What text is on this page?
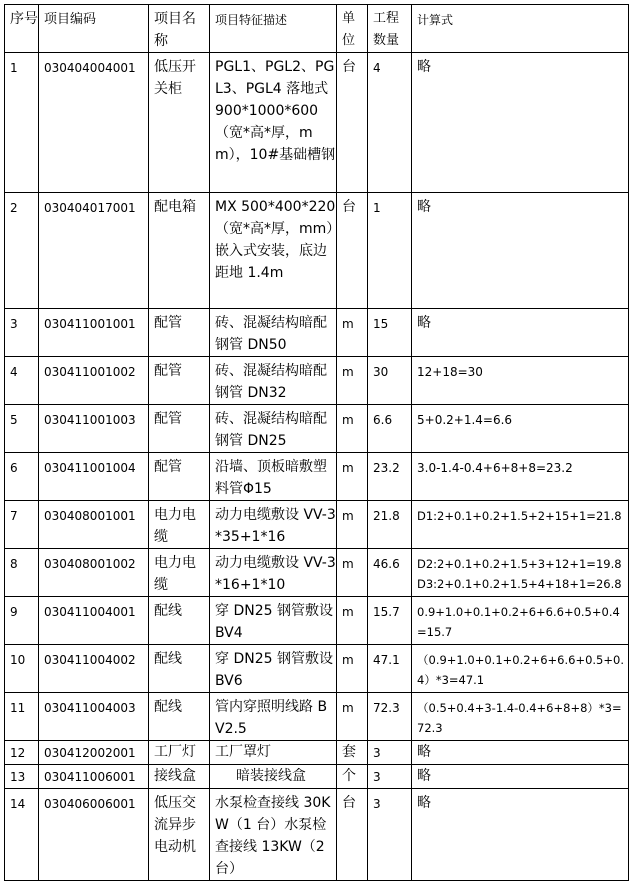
序号	项目编码	项目名称	项目特征描述	单位	工程数量	计算式
1	030404004001	低压开关柜	PGL1、PGL2、PGL3、PGL4 落地式 900*1000*600（宽*高*厚，mm），10#基础槽钢	台	4	略
2	030404017001	配电箱	MX 500*400*220（宽*高*厚，mm）嵌入式安装，底边距地 1.4m	台	1	略
3	030411001001	配管	砖、混凝结构暗配钢管 DN50	m	15	略
4	030411001002	配管	砖、混凝结构暗配钢管 DN32	m	30	12+18=30
5	030411001003	配管	砖、混凝结构暗配钢管 DN25	m	6.6	5+0.2+1.4=6.6
6	030411001004	配管	沿墙、顶板暗敷塑料管Φ15	m	23.2	3.0-1.4-0.4+6+8+8=23.2
7	030408001001	电力电缆	动力电缆敷设 VV-3*35+1*16	m	21.8	D1:2+0.1+0.2+1.5+2+15+1=21.8
8	030408001002	电力电缆	动力电缆敷设 VV-3*16+1*10	m	46.6	D2:2+0.1+0.2+1.5+3+12+1=19.8 D3:2+0.1+0.2+1.5+4+18+1=26.8
9	030411004001	配线	穿 DN25 钢管敷设 BV4	m	15.7	0.9+1.0+0.1+0.2+6+6.6+0.5+0.4=15.7
10	030411004002	配线	穿 DN25 钢管敷设 BV6	m	47.1	（0.9+1.0+0.1+0.2+6+6.6+0.5+0.4）*3=47.1
11	030411004003	配线	管内穿照明线路 BV2.5	m	72.3	（0.5+0.4+3-1.4-0.4+6+8+8）*3=72.3
12	030412002001	工厂灯	工厂罩灯	套	3	略
13	030411006001	接线盒	暗装接线盒	个	3	略
14	030406006001	低压交流异步电动机	水泵检查接线 30KW（1 台）水泵检查接线 13KW（2 台）	台	3	略
